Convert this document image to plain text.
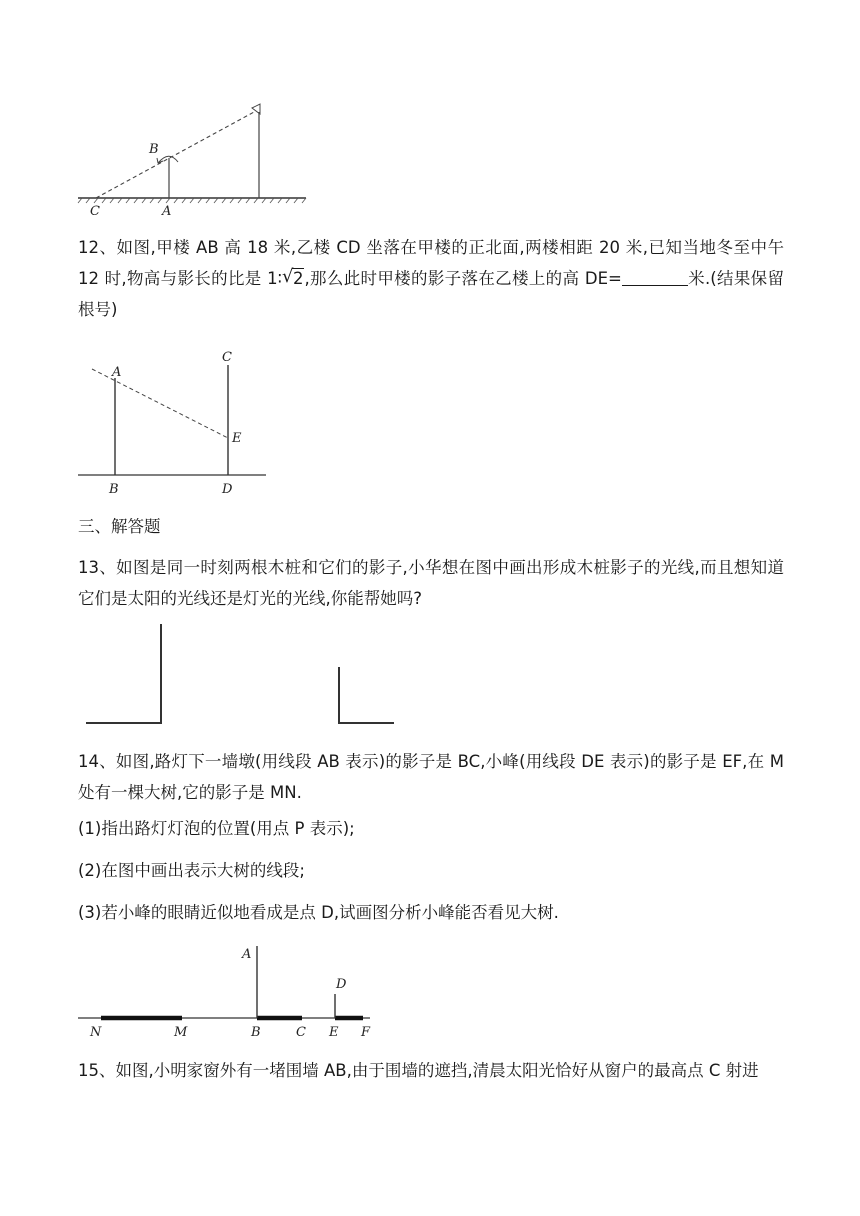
B
C	A
12、如图,甲楼 AB 高 18 米,乙楼 CD 坐落在甲楼的正北面,两楼相距 20 米,已知当地冬至中午 12 时,物高与影长的比是 1∶ √ 2,那么此时甲楼的影子落在乙楼上的高 DE=	米.(结果保留根号)
A
C
E
B	D
三、解答题
13、如图是同一时刻两根木桩和它们的影子,小华想在图中画出形成木桩影子的光线,而且想知道它们是太阳的光线还是灯光的光线,你能帮她吗?
14、如图,路灯下一墙墩(用线段 AB 表示)的影子是 BC,小峰(用线段 DE 表示)的影子是 EF,在 M 处有一棵大树,它的影子是 MN.
(1)指出路灯灯泡的位置(用点 P 表示);
(2)在图中画出表示大树的线段;
(3)若小峰的眼睛近似地看成是点 D,试画图分析小峰能否看见大树.
A
D
N	M	B	C E F
15、如图,小明家窗外有一堵围墙 AB,由于围墙的遮挡,清晨太阳光恰好从窗户的最高点 C 射进
